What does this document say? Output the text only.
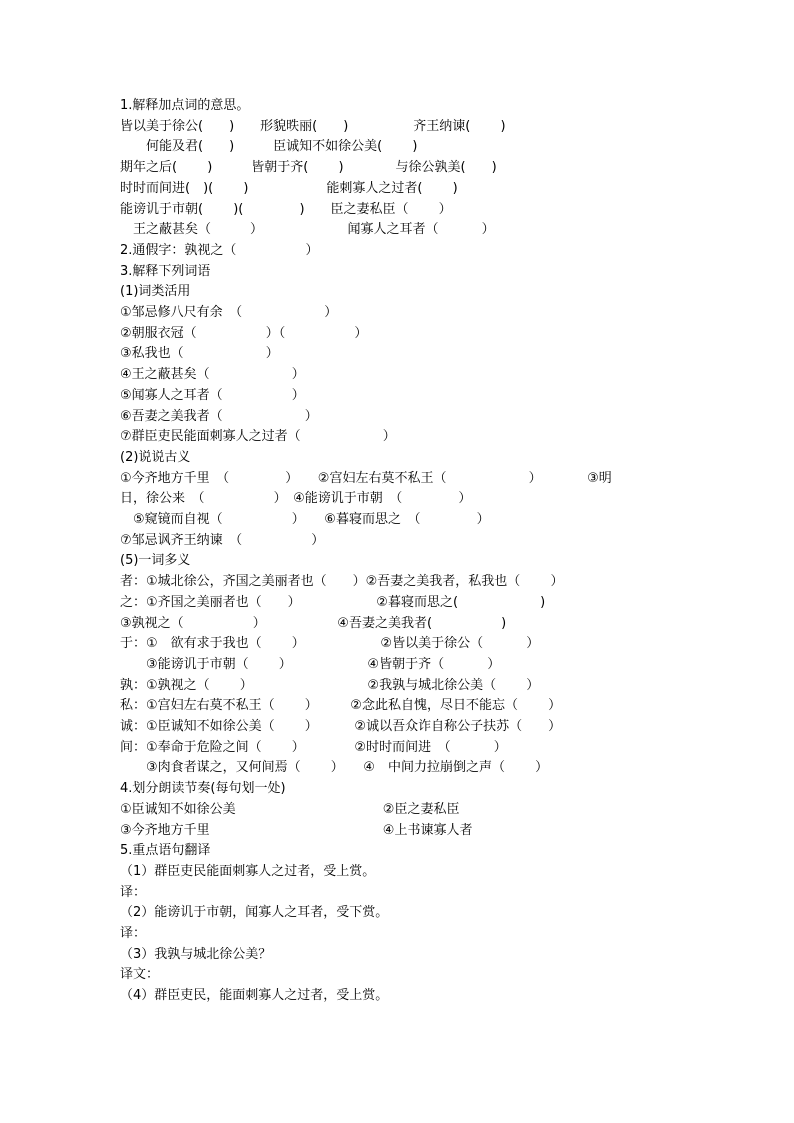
1.解释加点词的意思。
皆以美于徐公(　　)　　形貌昳丽(　　)　　　　　齐王纳谏(　　 )
　　何能及君(　　)　　　臣诚知不如徐公美(　　 )
期年之后(　　 )　　　皆朝于齐(　　 )　　　　与徐公孰美(　　)
时时而间进(　)(　　 )　　　　　　能刺寡人之过者(　　 )
能谤讥于市朝(　　 )(　　　　 )　　臣之妻私臣（　　 ）
　王之蔽甚矣（　　　）　　　　　　　闻寡人之耳者（　　　 ）
2.通假字：孰视之（　　　　　 ）
3.解释下列词语
(1)词类活用
①邹忌修八尺有余　（　　　　　　 ）
②朝服衣冠（　　　　　 ）（　　　　　 ）
③私我也（　　　　　　 ）
④王之蔽甚矣（　　　　　　 ）
⑤闻寡人之耳者（　　　　　 ）
⑥吾妻之美我者（　　　　　　 ）
⑦群臣吏民能面刺寡人之过者（　　　　　　 ）
(2)说说古义
①今齐地方千里　（　　　　 ）　　②宫妇左右莫不私王（　　　　　　 ）　　　　③明
日，徐公来　（　　　　　 ）　④能谤讥于市朝　（　　　　 ）
　⑤窥镜而自视（　　　　　 ）　　⑥暮寝而思之　（　　　　 ）
⑦邹忌讽齐王纳谏　（　　　　　 ）
(5)一词多义
者：①城北徐公，齐国之美丽者也（　　）②吾妻之美我者，私我也（　　 ）
之：①齐国之美丽者也（　　）　　　　　　 ②暮寝而思之(　　　　　　 )
③孰视之（　　　　　 ）　　　　　　④吾妻之美我者(　　　　　 )
于：①　欲有求于我也（　　 ）　　　　　　 ②皆以美于徐公（　　　 ）
　　③能谤讥于市朝（　　 ）　　　　　　 ④皆朝于齐（　　　 ）
孰：①孰视之（　　 ）　　　　　　　　　 ②我孰与城北徐公美（　　 ）
私：①宫妇左右莫不私王（　　 ）　　　②念此私自愧，尽日不能忘（　　 ）
诚：①臣诚知不如徐公美（　　 ）　　　 ②诚以吾众诈自称公子扶苏（　　）
间：①奉命于危险之间（　　 ）　　　　 ②时时而间进　（　　　 ）
　　③肉食者谋之，又何间焉（　　 ）　　④　中间力拉崩倒之声（　　 ）
4.划分朗读节奏(每句划一处)
①臣诚知不如徐公美　　　　　　　　　　　 ②臣之妻私臣
③今齐地方千里　　　　　　　　　　　　　 ④上书谏寡人者
5.重点语句翻译
（1）群臣吏民能面刺寡人之过者，受上赏。
译：
（2）能谤讥于市朝，闻寡人之耳者，受下赏。
译：
（3）我孰与城北徐公美？
译文：
（4）群臣吏民，能面刺寡人之过者，受上赏。
